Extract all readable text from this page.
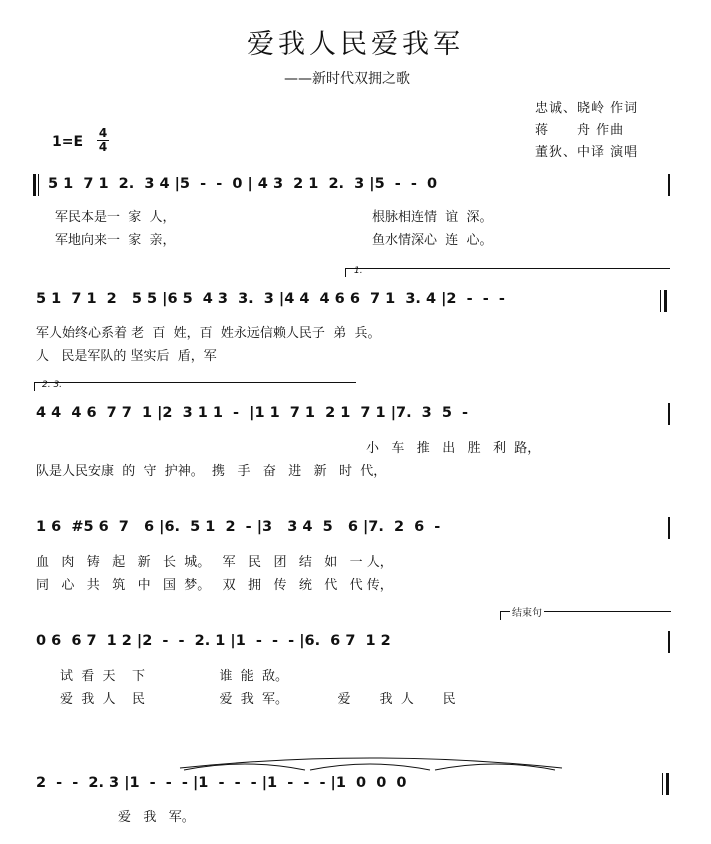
爱我人民爱我军
——新时代双拥之歌
忠诚、晓岭 作词
蒋　　舟 作曲
董狄、中译 演唱
1=E
4
4
5 1  7 1  2.  3 4 |5  -  -  0 | 4 3  2 1  2.  3 |5  -  -  0
军民本是一  家  人，
军地向来一  家  亲，
根脉相连情  谊  深。
鱼水情深心  连  心。
1.
5 1  7 1  2   5 5 |6 5  4 3  3.  3 |4 4  4 6 6  7 1  3. 4 |2  -  -  -
军人始终心系着 老  百  姓，百  姓永远信赖人民子  弟  兵。
人   民是军队的 坚实后  盾，军
2. 3.
4 4  4 6  7 7  1 |2  3 1 1  -  |1 1  7 1  2 1  7 1 |7.  3  5  -
小   车   推   出   胜   利  路，
队是人民安康  的  守  护神。  携   手   奋   进   新   时  代，
1 6  #5 6  7   6 |6.  5 1  2  - |3   3 4  5   6 |7.  2  6  -
血   肉   铸   起   新   长  城。   军   民   团   结   如   一 人，
同   心   共   筑   中   国  梦。   双   拥   传   统   代   代 传，
结束句
0 6  6 7  1 2 |2  -  -  2. 1 |1  -  -  - |6.  6 7  1 2
试  看  天    下                  谁  能  敌。
爱  我  人    民                  爱  我  军。            爱       我  人       民
2  -  -  2. 3 |1  -  -  - |1  -  -  - |1  -  -  - |1  0  0  0
爱   我   军。
